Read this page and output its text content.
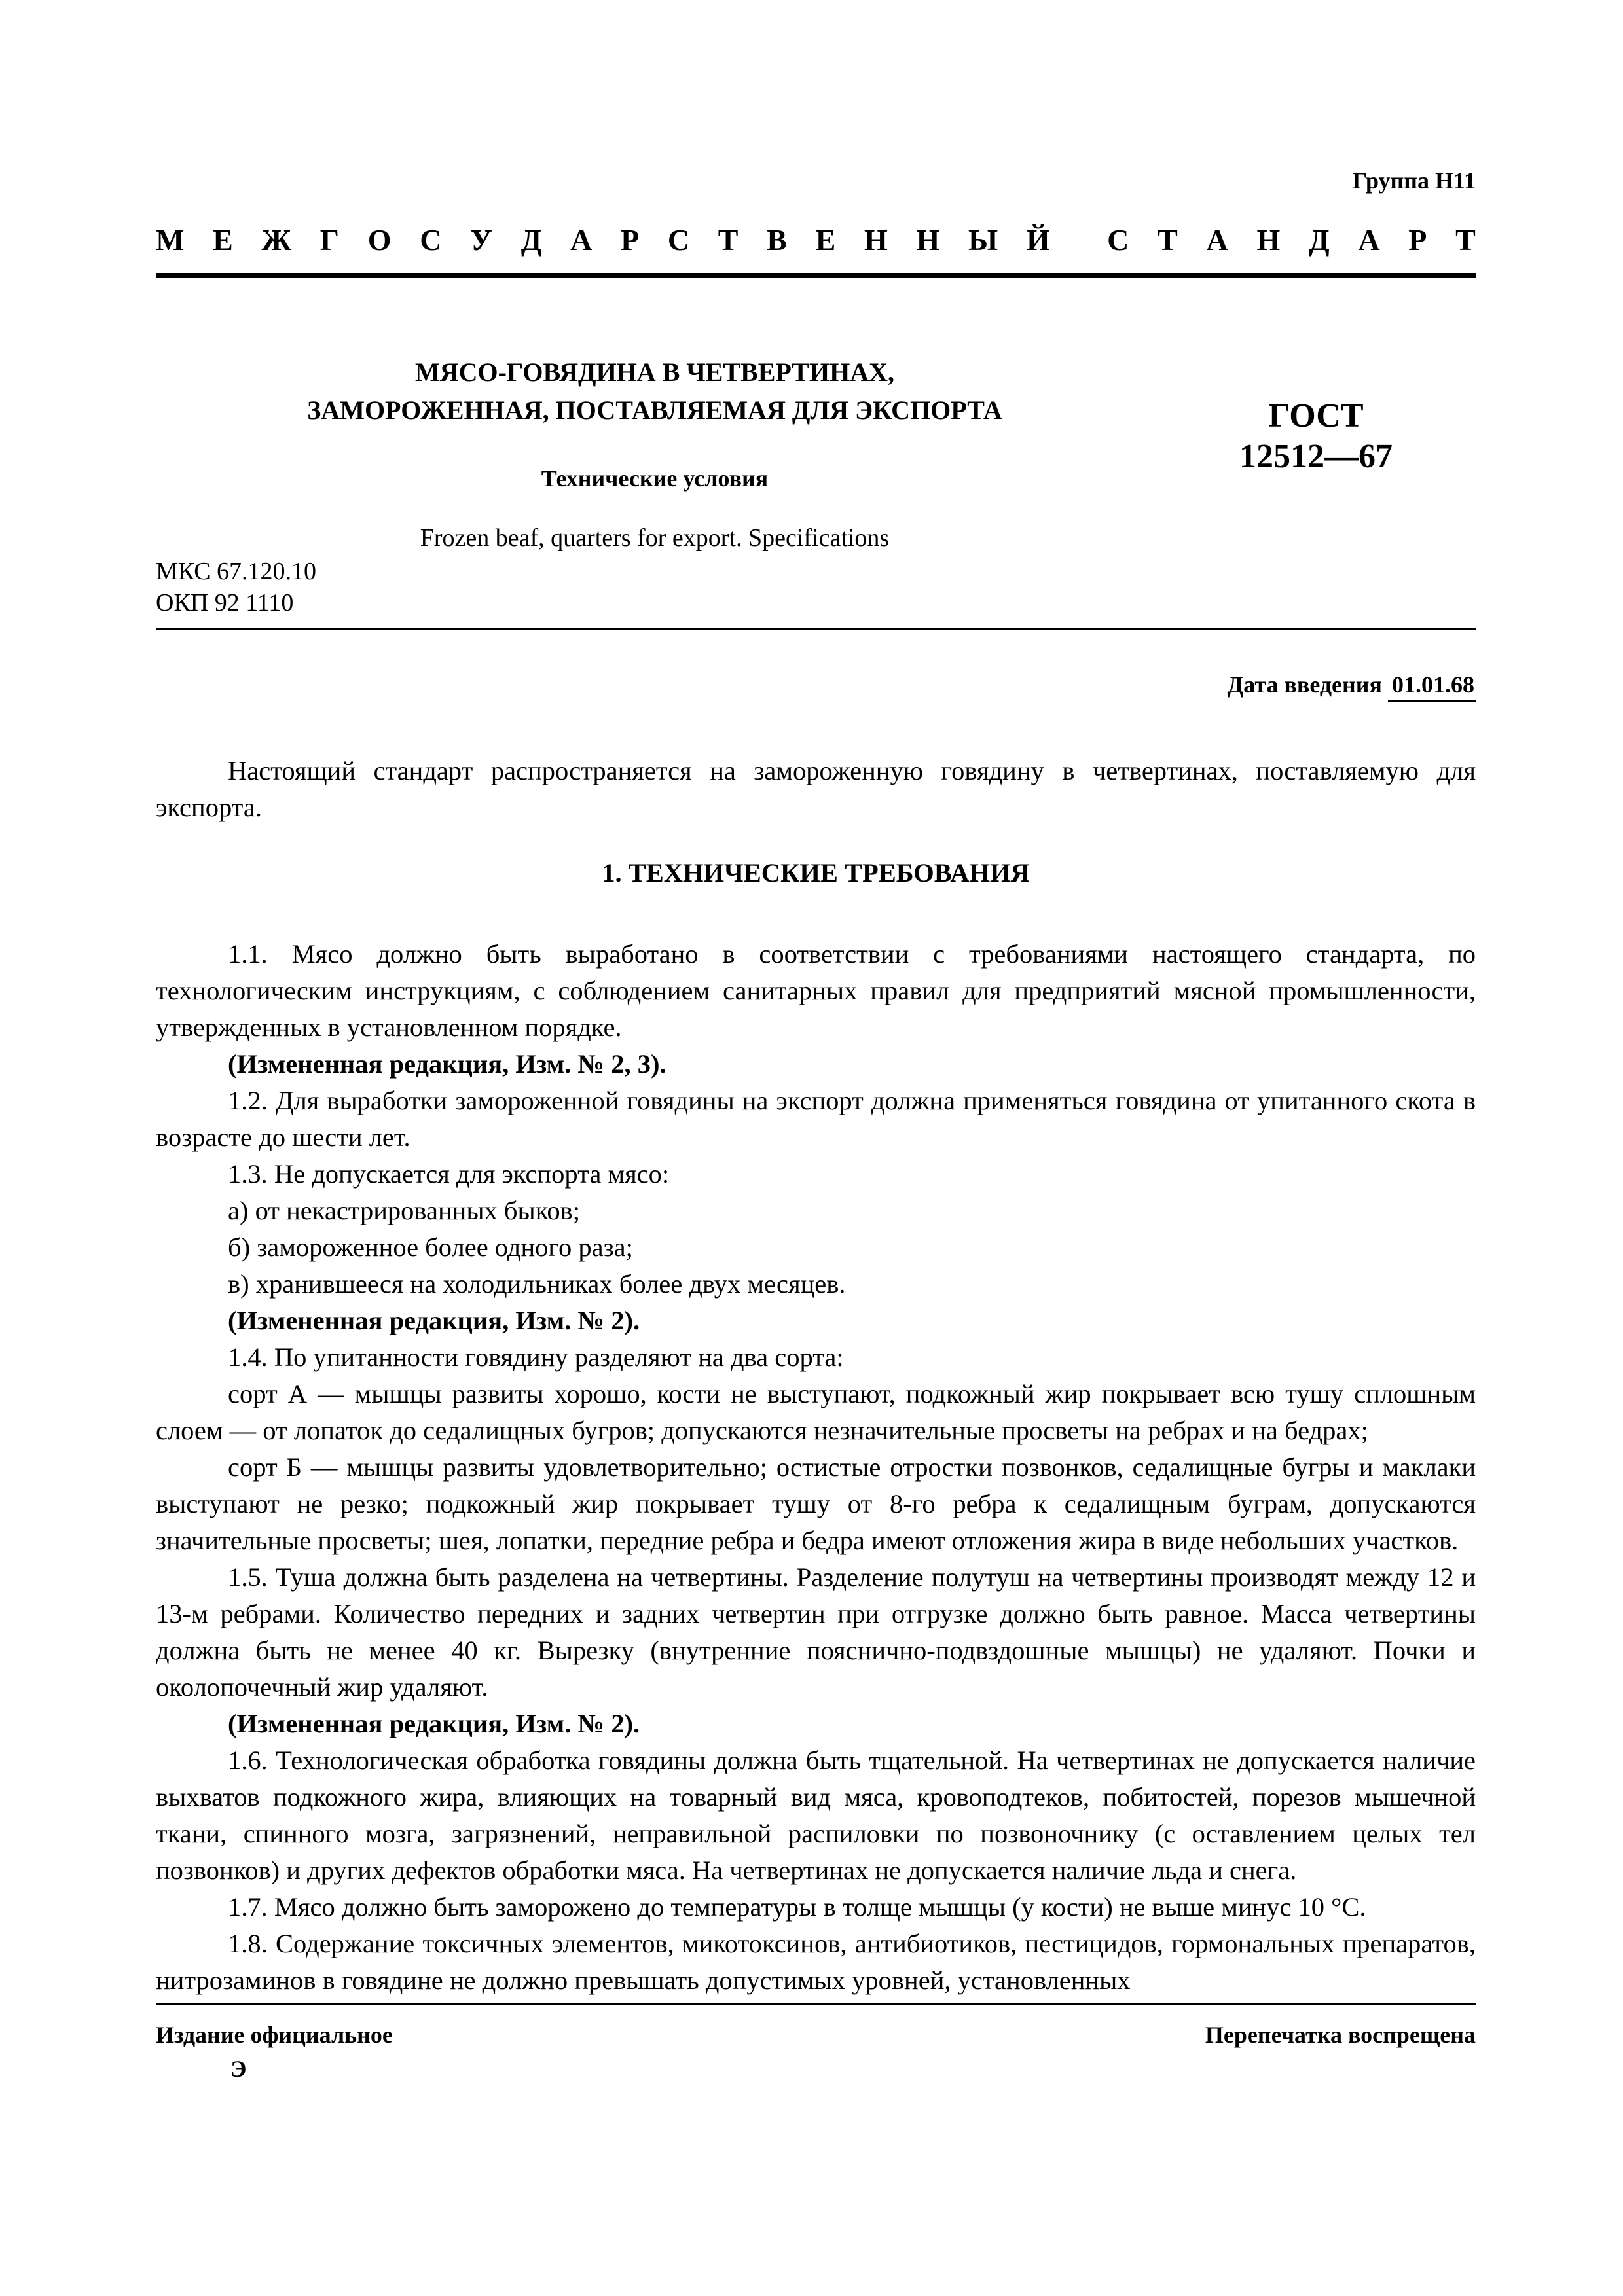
Группа Н11
М Е Ж Г О С У Д А Р С Т В Е Н Н Ы Й С Т А Н Д А Р Т
МЯСО-ГОВЯДИНА В ЧЕТВЕРТИНАХ,
ЗАМОРОЖЕННАЯ, ПОСТАВЛЯЕМАЯ ДЛЯ ЭКСПОРТА	ГОСТ
12512—67
Технические условия
Frozen beaf, quarters for export. Specifications
МКС 67.120.10
ОКП 92 1110
Дата введения 01.01.68

Настоящий стандарт распространяется на замороженную говядину в четвертинах, поставляемую для экспорта.

1. ТЕХНИЧЕСКИЕ ТРЕБОВАНИЯ

1.1. Мясо должно быть выработано в соответствии с требованиями настоящего стандарта, по технологическим инструкциям, с соблюдением санитарных правил для предприятий мясной промышленности, утвержденных в установленном порядке.

(Измененная редакция, Изм. № 2, 3).

1.2. Для выработки замороженной говядины на экспорт должна применяться говядина от упитанного скота в возрасте до шести лет.

1.3. Не допускается для экспорта мясо:

а) от некастрированных быков;

б) замороженное более одного раза;

в) хранившееся на холодильниках более двух месяцев.

(Измененная редакция, Изм. № 2).

1.4. По упитанности говядину разделяют на два сорта:

сорт А — мышцы развиты хорошо, кости не выступают, подкожный жир покрывает всю тушу сплошным слоем — от лопаток до седалищных бугров; допускаются незначительные просветы на ребрах и на бедрах;

сорт Б — мышцы развиты удовлетворительно; остистые отростки позвонков, седалищные бугры и маклаки выступают не резко; подкожный жир покрывает тушу от 8-го ребра к седалищным буграм, допускаются значительные просветы; шея, лопатки, передние ребра и бедра имеют отложения жира в виде небольших участков.

1.5. Туша должна быть разделена на четвертины. Разделение полутуш на четвертины производят между 12 и 13-м ребрами. Количество передних и задних четвертин при отгрузке должно быть равное. Масса четвертины должна быть не менее 40 кг. Вырезку (внутренние пояснично-подвздошные мышцы) не удаляют. Почки и околопочечный жир удаляют.

(Измененная редакция, Изм. № 2).

1.6. Технологическая обработка говядины должна быть тщательной. На четвертинах не допускается наличие выхватов подкожного жира, влияющих на товарный вид мяса, кровоподтеков, побитостей, порезов мышечной ткани, спинного мозга, загрязнений, неправильной распиловки по позвоночнику (с оставлением целых тел позвонков) и других дефектов обработки мяса. На четвертинах не допускается наличие льда и снега.

1.7. Мясо должно быть заморожено до температуры в толще мышцы (у кости) не выше минус 10 °С.

1.8. Содержание токсичных элементов, микотоксинов, антибиотиков, пестицидов, гормональных препаратов, нитрозаминов в говядине не должно превышать допустимых уровней, установленных

Издание официальное
Э
Перепечатка воспрещена
